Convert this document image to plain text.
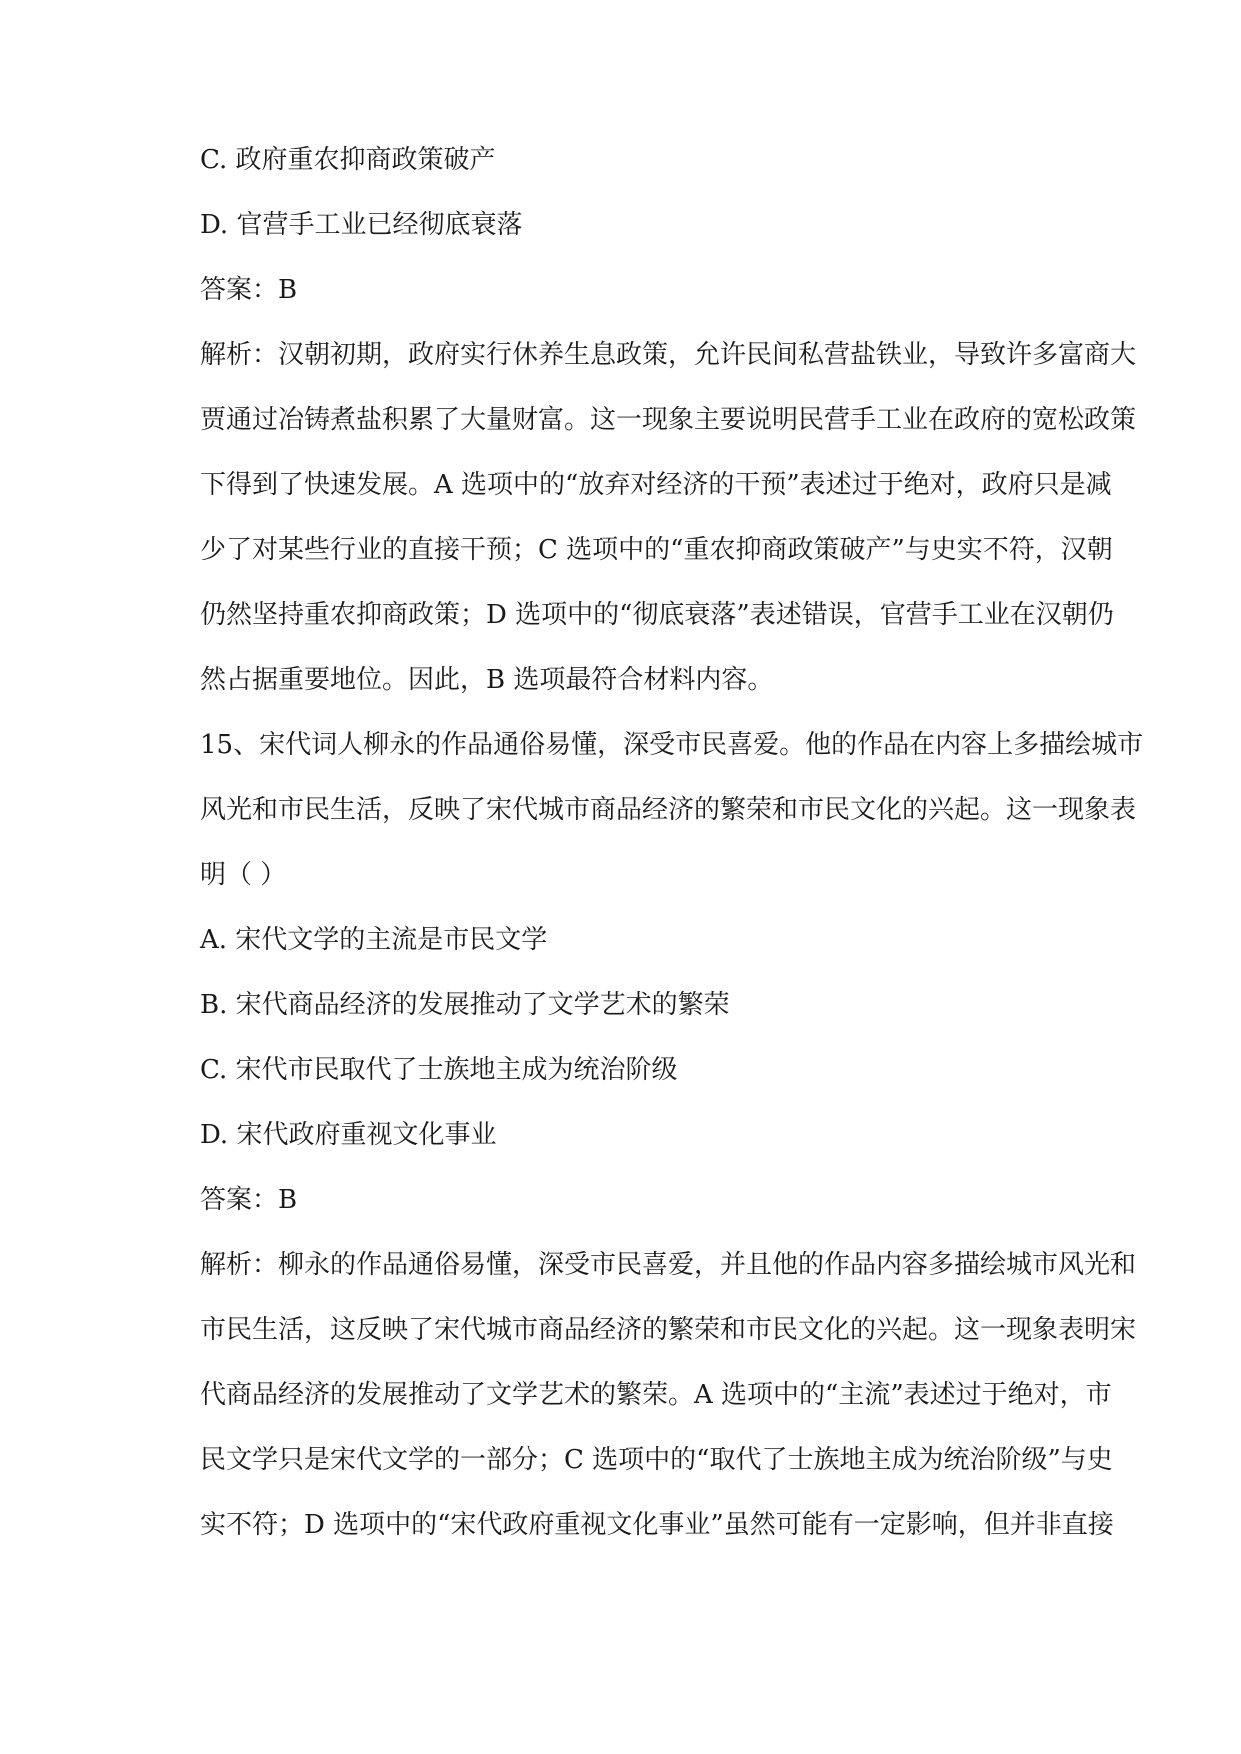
C. 政府重农抑商政策破产
D. 官营手工业已经彻底衰落
答案：B
解析：汉朝初期，政府实行休养生息政策，允许民间私营盐铁业，导致许多富商大
贾通过冶铸煮盐积累了大量财富。这一现象主要说明民营手工业在政府的宽松政策
下得到了快速发展。A 选项中的“放弃对经济的干预”表述过于绝对，政府只是减
少了对某些行业的直接干预；C 选项中的“重农抑商政策破产”与史实不符，汉朝
仍然坚持重农抑商政策；D 选项中的“彻底衰落”表述错误，官营手工业在汉朝仍
然占据重要地位。因此，B 选项最符合材料内容。
15、宋代词人柳永的作品通俗易懂，深受市民喜爱。他的作品在内容上多描绘城市
风光和市民生活，反映了宋代城市商品经济的繁荣和市民文化的兴起。这一现象表
明（ ）
A. 宋代文学的主流是市民文学
B. 宋代商品经济的发展推动了文学艺术的繁荣
C. 宋代市民取代了士族地主成为统治阶级
D. 宋代政府重视文化事业
答案：B
解析：柳永的作品通俗易懂，深受市民喜爱，并且他的作品内容多描绘城市风光和
市民生活，这反映了宋代城市商品经济的繁荣和市民文化的兴起。这一现象表明宋
代商品经济的发展推动了文学艺术的繁荣。A 选项中的“主流”表述过于绝对，市
民文学只是宋代文学的一部分；C 选项中的“取代了士族地主成为统治阶级”与史
实不符；D 选项中的“宋代政府重视文化事业”虽然可能有一定影响，但并非直接
